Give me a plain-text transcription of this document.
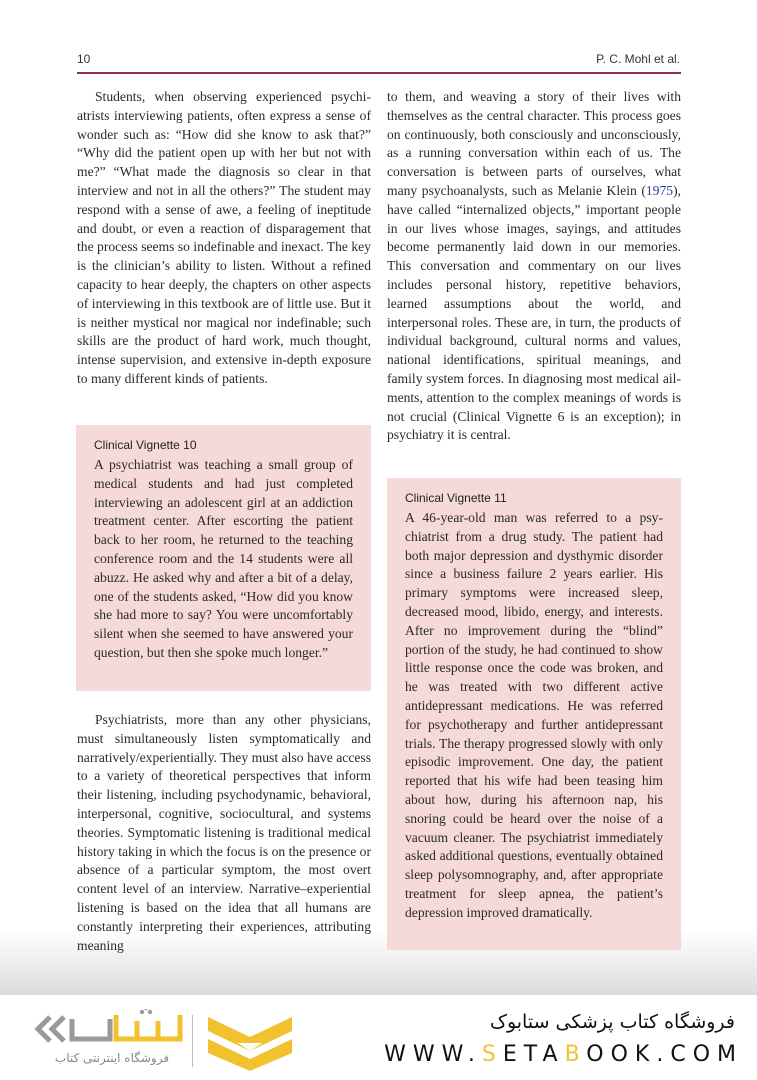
10	P. C. Mohl et al.

Students, when observing experienced psychiatrists interviewing patients, often express a sense of wonder such as: “How did she know to ask that?” “Why did the patient open up with her but not with me?” “What made the diagnosis so clear in that interview and not in all the others?” The student may respond with a sense of awe, a feeling of ineptitude and doubt, or even a reaction of disparagement that the process seems so indefinable and inexact. The key is the clinician’s ability to listen. Without a refined capacity to hear deeply, the chapters on other aspects of interviewing in this textbook are of little use. But it is neither mystical nor magical nor indefinable; such skills are the product of hard work, much thought, intense supervision, and extensive in-depth exposure to many different kinds of patients.

Clinical Vignette 10

A psychiatrist was teaching a small group of medical students and had just completed interviewing an adolescent girl at an addiction treatment center. After escorting the patient back to her room, he returned to the teaching conference room and the 14 students were all abuzz. He asked why and after a bit of a delay, one of the students asked, “How did you know she had more to say? You were uncomfortably silent when she seemed to have answered your question, but then she spoke much longer.”

Psychiatrists, more than any other physicians, must simultaneously listen symptomatically and narratively/experientially. They must also have access to a variety of theoretical perspectives that inform their listening, including psychodynamic, behavioral, interpersonal, cognitive, sociocultural, and systems theories. Symptomatic listening is traditional medical history taking in which the focus is on the presence or absence of a particular symptom, the most overt content level of an interview. Narrative–experiential listening is based on the idea that all humans are constantly interpreting their experiences, attributing meaning

to them, and weaving a story of their lives with themselves as the central character. This process goes on continuously, both consciously and unconsciously, as a running conversation within each of us. The conversation is between parts of ourselves, what many psychoanalysts, such as Melanie Klein (1975), have called “internalized objects,” important people in our lives whose images, sayings, and attitudes become permanently laid down in our memories. This conversation and commentary on our lives includes personal history, repetitive behaviors, learned assumptions about the world, and interpersonal roles. These are, in turn, the products of individual background, cultural norms and values, national identifications, spiritual meanings, and family system forces. In diagnosing most medical ailments, attention to the complex meanings of words is not crucial (Clinical Vignette 6 is an exception); in psychiatry it is central.

Clinical Vignette 11

A 46-year-old man was referred to a psychiatrist from a drug study. The patient had both major depression and dysthymic disorder since a business failure 2 years earlier. His primary symptoms were increased sleep, decreased mood, libido, energy, and interests. After no improvement during the “blind” portion of the study, he had continued to show little response once the code was broken, and he was treated with two different active antidepressant medications. He was referred for psychotherapy and further antidepressant trials. The therapy progressed slowly with only episodic improvement. One day, the patient reported that his wife had been teasing him about how, during his afternoon nap, his snoring could be heard over the noise of a vacuum cleaner. The psychiatrist immediately asked additional questions, eventually obtained sleep polysomnography, and, after appropriate treatment for sleep apnea, the patient’s depression improved dramatically.

فروشگاه اینترنتی کتاب
فروشگاه کتاب پزشکی ستابوک
WWW.SETABOOK.COM
